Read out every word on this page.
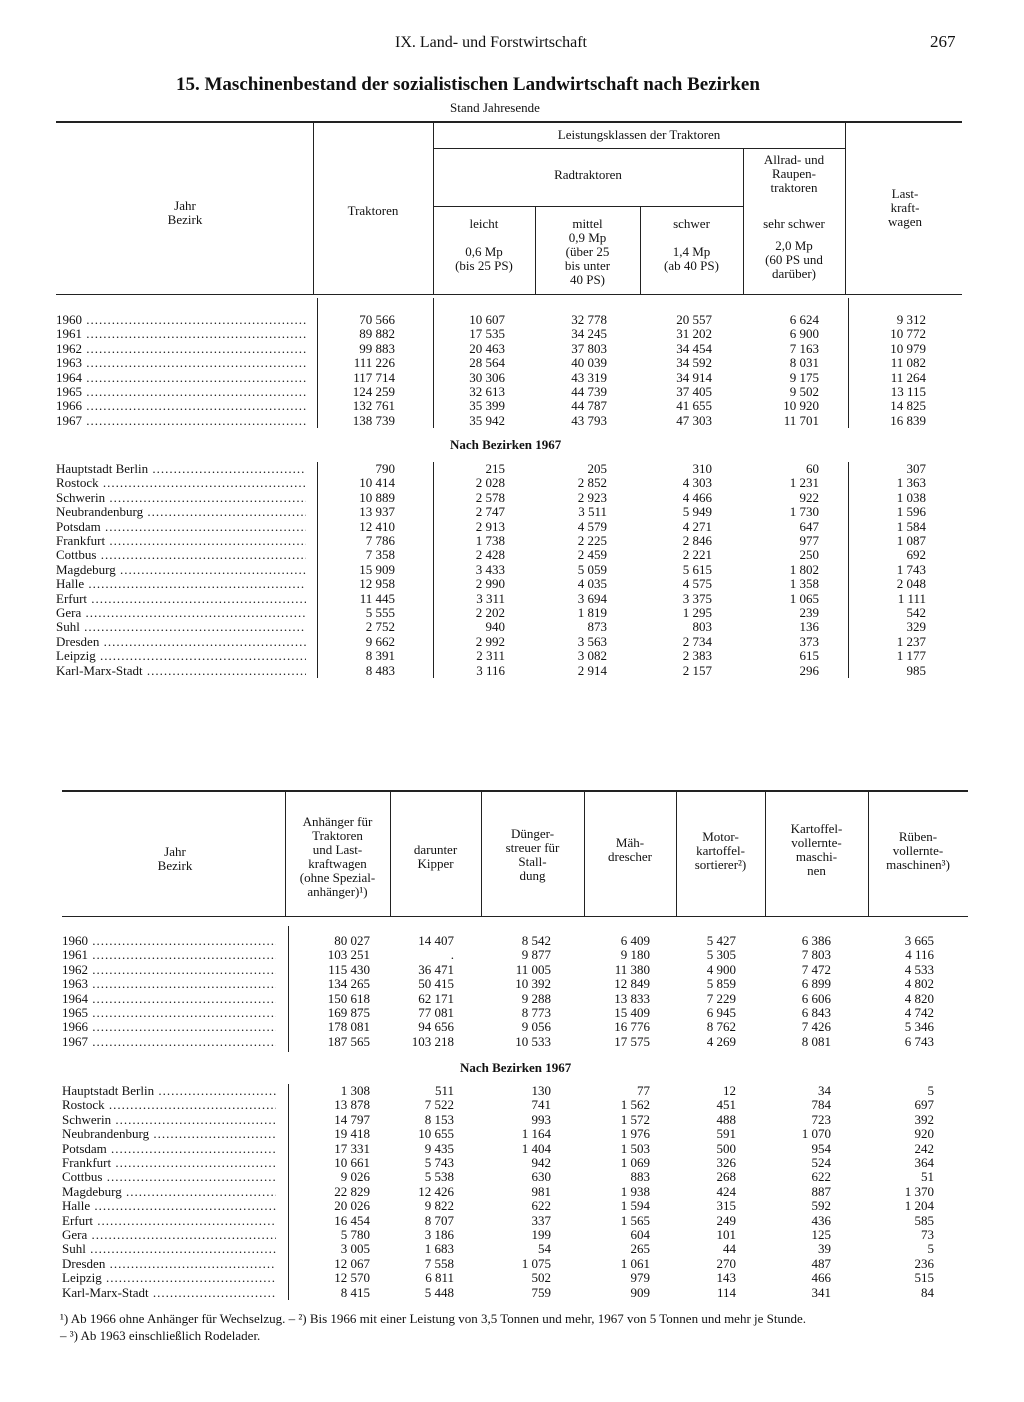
IX. Land- und Forstwirtschaft	267
15. Maschinenbestand der sozialistischen Landwirtschaft nach Bezirken
Stand Jahresende
Jahr
Bezirk
Traktoren
Leistungsklassen der Traktoren
Radtraktoren
Allrad- und
Raupen-
traktoren
leicht
0,6 Mp
(bis 25 PS)
mittel
0,9 Mp
(über 25
bis unter
40 PS)
schwer
1,4 Mp
(ab 40 PS)
sehr schwer
2,0 Mp
(60 PS und
darüber)
Last-
kraft-
wagen
1960 .....	70 566	10 607	32 778	20 557	6 624	9 312
1961 .....	89 882	17 535	34 245	31 202	6 900	10 772
1962 .....	99 883	20 463	37 803	34 454	7 163	10 979
1963 .....	111 226	28 564	40 039	34 592	8 031	11 082
1964 .....	117 714	30 306	43 319	34 914	9 175	11 264
1965 .....	124 259	32 613	44 739	37 405	9 502	13 115
1966 .....	132 761	35 399	44 787	41 655	10 920	14 825
1967 .....	138 739	35 942	43 793	47 303	11 701	16 839
Nach Bezirken 1967
Hauptstadt Berlin .....	790	215	205	310	60	307
Rostock .....	10 414	2 028	2 852	4 303	1 231	1 363
Schwerin .....	10 889	2 578	2 923	4 466	922	1 038
Neubrandenburg .....	13 937	2 747	3 511	5 949	1 730	1 596
Potsdam .....	12 410	2 913	4 579	4 271	647	1 584
Frankfurt .....	7 786	1 738	2 225	2 846	977	1 087
Cottbus .....	7 358	2 428	2 459	2 221	250	692
Magdeburg .....	15 909	3 433	5 059	5 615	1 802	1 743
Halle .....	12 958	2 990	4 035	4 575	1 358	2 048
Erfurt .....	11 445	3 311	3 694	3 375	1 065	1 111
Gera .....	5 555	2 202	1 819	1 295	239	542
Suhl .....	2 752	940	873	803	136	329
Dresden .....	9 662	2 992	3 563	2 734	373	1 237
Leipzig .....	8 391	2 311	3 082	2 383	615	1 177
Karl-Marx-Stadt .....	8 483	3 116	2 914	2 157	296	985
Jahr
Bezirk
Anhänger für
Traktoren
und Last-
kraftwagen
(ohne Spezial-
anhänger)¹)
darunter
Kipper
Dünger-
streuer für
Stall-
dung
Mäh-
drescher
Motor-
kartoffel-
sortierer²)
Kartoffel-
vollernte-
maschi-
nen
Rüben-
vollernte-
maschinen³)
1960 .....	80 027	14 407	8 542	6 409	5 427	6 386	3 665
1961 .....	103 251	.	9 877	9 180	5 305	7 803	4 116
1962 .....	115 430	36 471	11 005	11 380	4 900	7 472	4 533
1963 .....	134 265	50 415	10 392	12 849	5 859	6 899	4 802
1964 .....	150 618	62 171	9 288	13 833	7 229	6 606	4 820
1965 .....	169 875	77 081	8 773	15 409	6 945	6 843	4 742
1966 .....	178 081	94 656	9 056	16 776	8 762	7 426	5 346
1967 .....	187 565	103 218	10 533	17 575	4 269	8 081	6 743
Nach Bezirken 1967
Hauptstadt Berlin .....	1 308	511	130	77	12	34	5
Rostock .....	13 878	7 522	741	1 562	451	784	697
Schwerin .....	14 797	8 153	993	1 572	488	723	392
Neubrandenburg .....	19 418	10 655	1 164	1 976	591	1 070	920
Potsdam .....	17 331	9 435	1 404	1 503	500	954	242
Frankfurt .....	10 661	5 743	942	1 069	326	524	364
Cottbus .....	9 026	5 538	630	883	268	622	51
Magdeburg .....	22 829	12 426	981	1 938	424	887	1 370
Halle .....	20 026	9 822	622	1 594	315	592	1 204
Erfurt .....	16 454	8 707	337	1 565	249	436	585
Gera .....	5 780	3 186	199	604	101	125	73
Suhl .....	3 005	1 683	54	265	44	39	5
Dresden .....	12 067	7 558	1 075	1 061	270	487	236
Leipzig .....	12 570	6 811	502	979	143	466	515
Karl-Marx-Stadt .....	8 415	5 448	759	909	114	341	84
¹) Ab 1966 ohne Anhänger für Wechselzug. – ²) Bis 1966 mit einer Leistung von 3,5 Tonnen und mehr, 1967 von 5 Tonnen und mehr je Stunde.
– ³) Ab 1963 einschließlich Rodelader.
